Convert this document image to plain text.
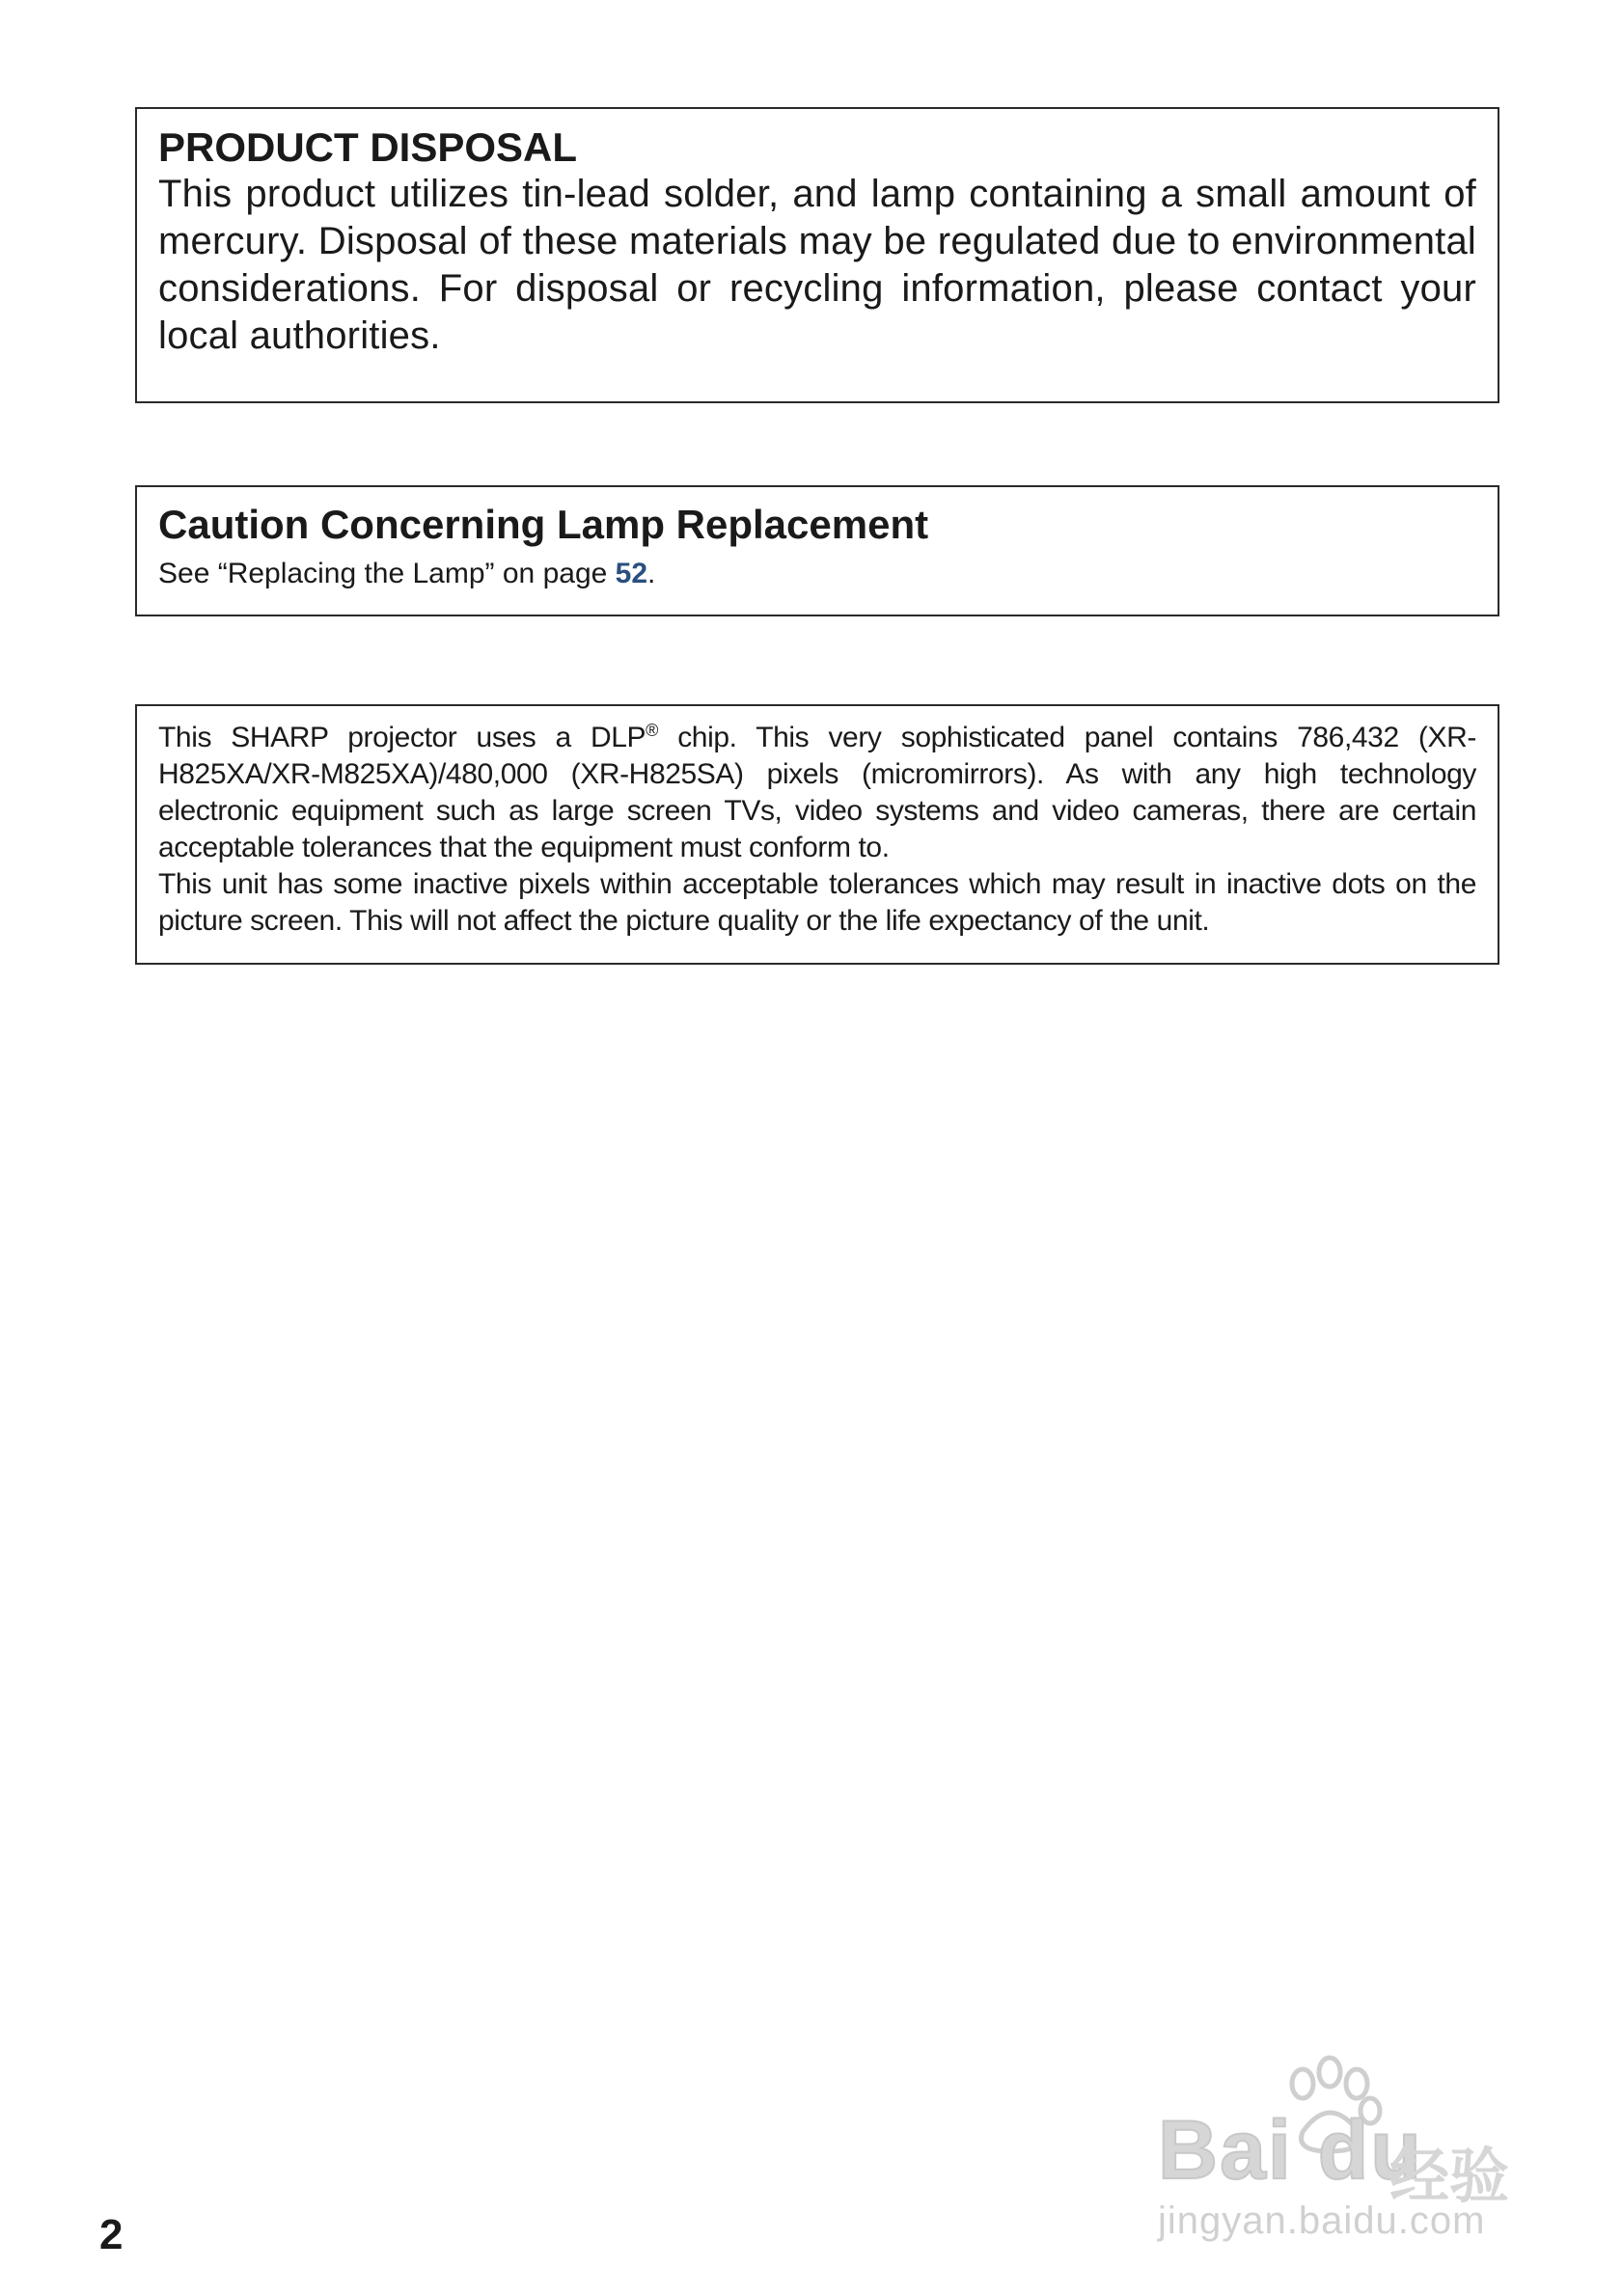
PRODUCT DISPOSAL

This product utilizes tin-lead solder, and lamp containing a small amount of mercury. Disposal of these materials may be regulated due to environmental considerations. For disposal or recycling information, please contact your local authorities.

Caution Concerning Lamp Replacement

See “Replacing the Lamp” on page 52.

This SHARP projector uses a DLP® chip. This very sophisticated panel contains 786,432 (XR-H825XA/XR-M825XA)/480,000 (XR-H825SA) pixels (micromirrors). As with any high technology electronic equipment such as large screen TVs, video systems and video cameras, there are certain acceptable tolerances that the equipment must conform to.

This unit has some inactive pixels within acceptable tolerances which may result in inactive dots on the picture screen. This will not affect the picture quality or the life expectancy of the unit.

2

Bai du
经验
jingyan.baidu.com
